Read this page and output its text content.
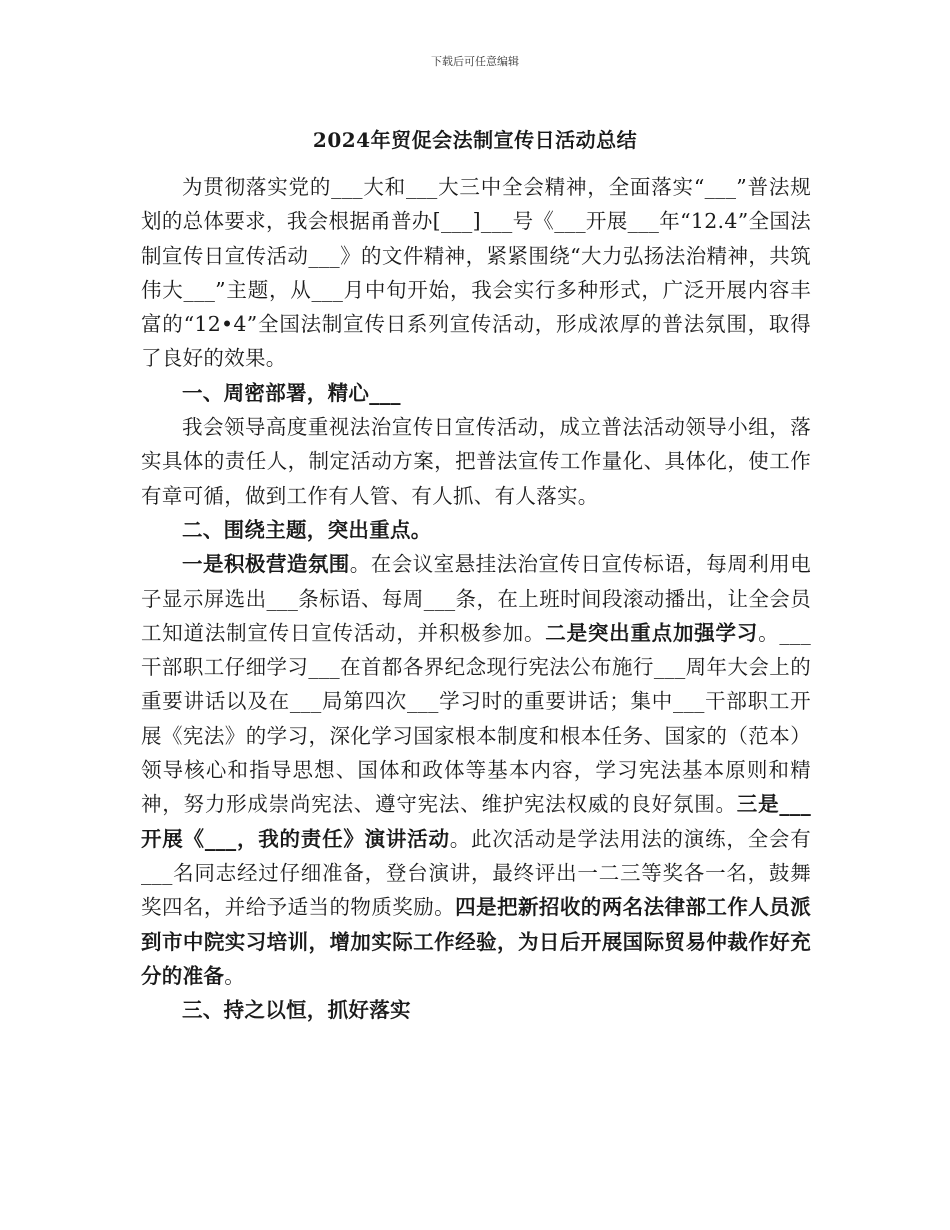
下载后可任意编辑
2024年贸促会法制宣传日活动总结

为贯彻落实党的___大和___大三中全会精神，全面落实“___”普法规划的总体要求，我会根据甬普办[___]___号《___开展___年“12.4”全国法制宣传日宣传活动___》的文件精神，紧紧围绕“大力弘扬法治精神，共筑伟大___”主题，从___月中旬开始，我会实行多种形式，广泛开展内容丰富的“12•4”全国法制宣传日系列宣传活动，形成浓厚的普法氛围，取得了良好的效果。

一、周密部署，精心___

我会领导高度重视法治宣传日宣传活动，成立普法活动领导小组，落实具体的责任人，制定活动方案，把普法宣传工作量化、具体化，使工作有章可循，做到工作有人管、有人抓、有人落实。

二、围绕主题，突出重点。

一是积极营造氛围。在会议室悬挂法治宣传日宣传标语，每周利用电子显示屏选出___条标语、每周___条，在上班时间段滚动播出，让全会员工知道法制宣传日宣传活动，并积极参加。二是突出重点加强学习。___干部职工仔细学习___在首都各界纪念现行宪法公布施行___周年大会上的重要讲话以及在___局第四次___学习时的重要讲话；集中___干部职工开展《宪法》的学习，深化学习国家根本制度和根本任务、国家的（范本）领导核心和指导思想、国体和政体等基本内容，学习宪法基本原则和精神，努力形成崇尚宪法、遵守宪法、维护宪法权威的良好氛围。三是___开展《___，我的责任》演讲活动。此次活动是学法用法的演练，全会有___名同志经过仔细准备，登台演讲，最终评出一二三等奖各一名，鼓舞奖四名，并给予适当的物质奖励。四是把新招收的两名法律部工作人员派到市中院实习培训，增加实际工作经验，为日后开展国际贸易仲裁作好充分的准备。

三、持之以恒，抓好落实
